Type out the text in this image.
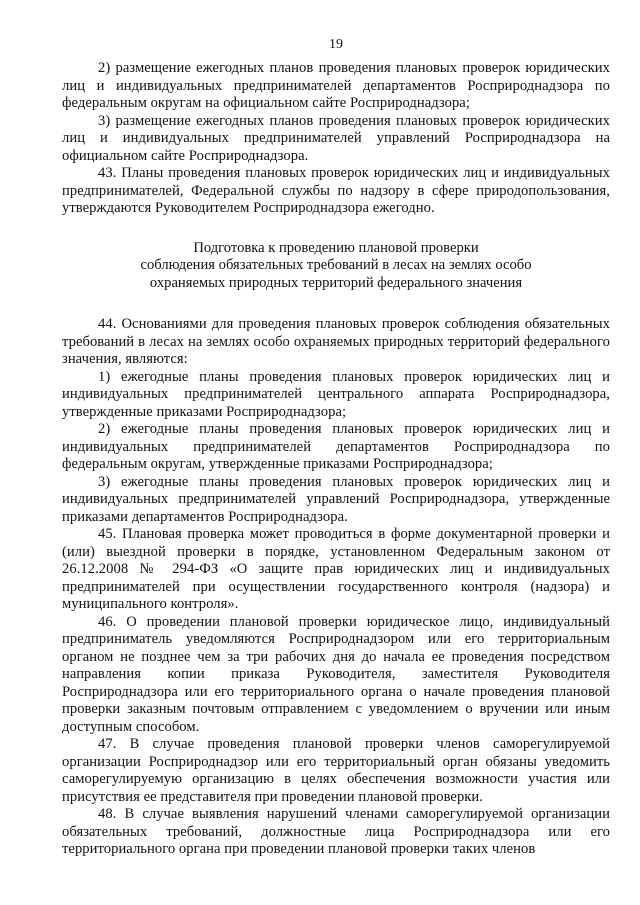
19

2) размещение ежегодных планов проведения плановых проверок юридических лиц и индивидуальных предпринимателей департаментов Росприроднадзора по федеральным округам на официальном сайте Росприроднадзора;

3) размещение ежегодных планов проведения плановых проверок юридических лиц и индивидуальных предпринимателей управлений Росприроднадзора на официальном сайте Росприроднадзора.

43. Планы проведения плановых проверок юридических лиц и индивидуальных предпринимателей, Федеральной службы по надзору в сфере природопользования, утверждаются Руководителем Росприроднадзора ежегодно.

Подготовка к проведению плановой проверки
соблюдения обязательных требований в лесах на землях особо
охраняемых природных территорий федерального значения

44. Основаниями для проведения плановых проверок соблюдения обязательных требований в лесах на землях особо охраняемых природных территорий федерального значения, являются:

1) ежегодные планы проведения плановых проверок юридических лиц и индивидуальных предпринимателей центрального аппарата Росприроднадзора, утвержденные приказами Росприроднадзора;

2) ежегодные планы проведения плановых проверок юридических лиц и индивидуальных предпринимателей департаментов Росприроднадзора по федеральным округам, утвержденные приказами Росприроднадзора;

3) ежегодные планы проведения плановых проверок юридических лиц и индивидуальных предпринимателей управлений Росприроднадзора, утвержденные приказами департаментов Росприроднадзора.

45. Плановая проверка может проводиться в форме документарной проверки и (или) выездной проверки в порядке, установленном Федеральным законом от 26.12.2008 № 294-ФЗ «О защите прав юридических лиц и индивидуальных предпринимателей при осуществлении государственного контроля (надзора) и муниципального контроля».

46. О проведении плановой проверки юридическое лицо, индивидуальный предприниматель уведомляются Росприроднадзором или его территориальным органом не позднее чем за три рабочих дня до начала ее проведения посредством направления копии приказа Руководителя, заместителя Руководителя Росприроднадзора или его территориального органа о начале проведения плановой проверки заказным почтовым отправлением с уведомлением о вручении или иным доступным способом.

47. В случае проведения плановой проверки членов саморегулируемой организации Росприроднадзор или его территориальный орган обязаны уведомить саморегулируемую организацию в целях обеспечения возможности участия или присутствия ее представителя при проведении плановой проверки.

48. В случае выявления нарушений членами саморегулируемой организации обязательных требований, должностные лица Росприроднадзора или его территориального органа при проведении плановой проверки таких членов
